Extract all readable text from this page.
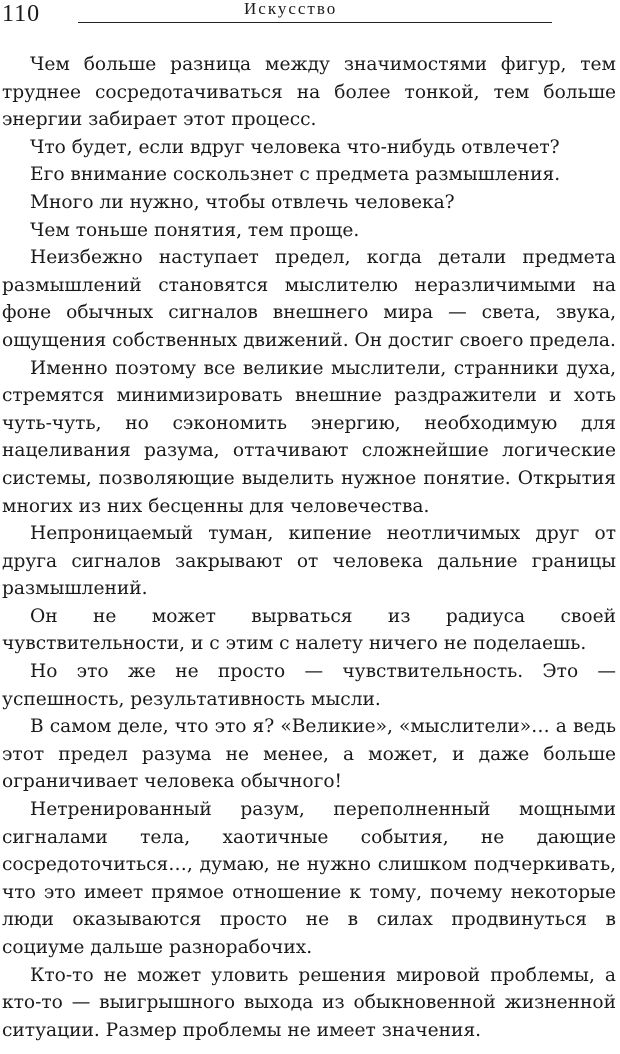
110	Искусство

Чем больше разница между значимостями фигур, тем труднее сосредотачиваться на более тонкой, тем больше энергии забирает этот процесс.

Что будет, если вдруг человека что-нибудь отвлечет?

Его внимание соскользнет с предмета размышления.

Много ли нужно, чтобы отвлечь человека?

Чем тоньше понятия, тем проще.

Неизбежно наступает предел, когда детали предмета размышлений становятся мыслителю неразличимыми на фоне обычных сигналов внешнего мира — света, звука, ощущения собственных движений. Он достиг своего предела.

Именно поэтому все великие мыслители, странники духа, стремятся минимизировать внешние раздражители и хоть чуть-чуть, но сэкономить энергию, необходимую для нацеливания разума, оттачивают сложнейшие логические системы, позволяющие выделить нужное понятие. Открытия многих из них бесценны для человечества.

Непроницаемый туман, кипение неотличимых друг от друга сигналов закрывают от человека дальние границы размышлений.

Он не может вырваться из радиуса своей чувствительности, и с этим с налету ничего не поделаешь.

Но это же не просто — чувствительность. Это — успешность, результативность мысли.

В самом деле, что это я? «Великие», «мыслители»… а ведь этот предел разума не менее, а может, и даже больше ограничивает человека обычного!

Нетренированный разум, переполненный мощными сигналами тела, хаотичные события, не дающие сосредоточиться…, думаю, не нужно слишком подчеркивать, что это имеет прямое отношение к тому, почему некоторые люди оказываются просто не в силах продвинуться в социуме дальше разнорабочих.

Кто-то не может уловить решения мировой проблемы, а кто-то — выигрышного выхода из обыкновенной жизненной ситуации. Размер проблемы не имеет значения.
